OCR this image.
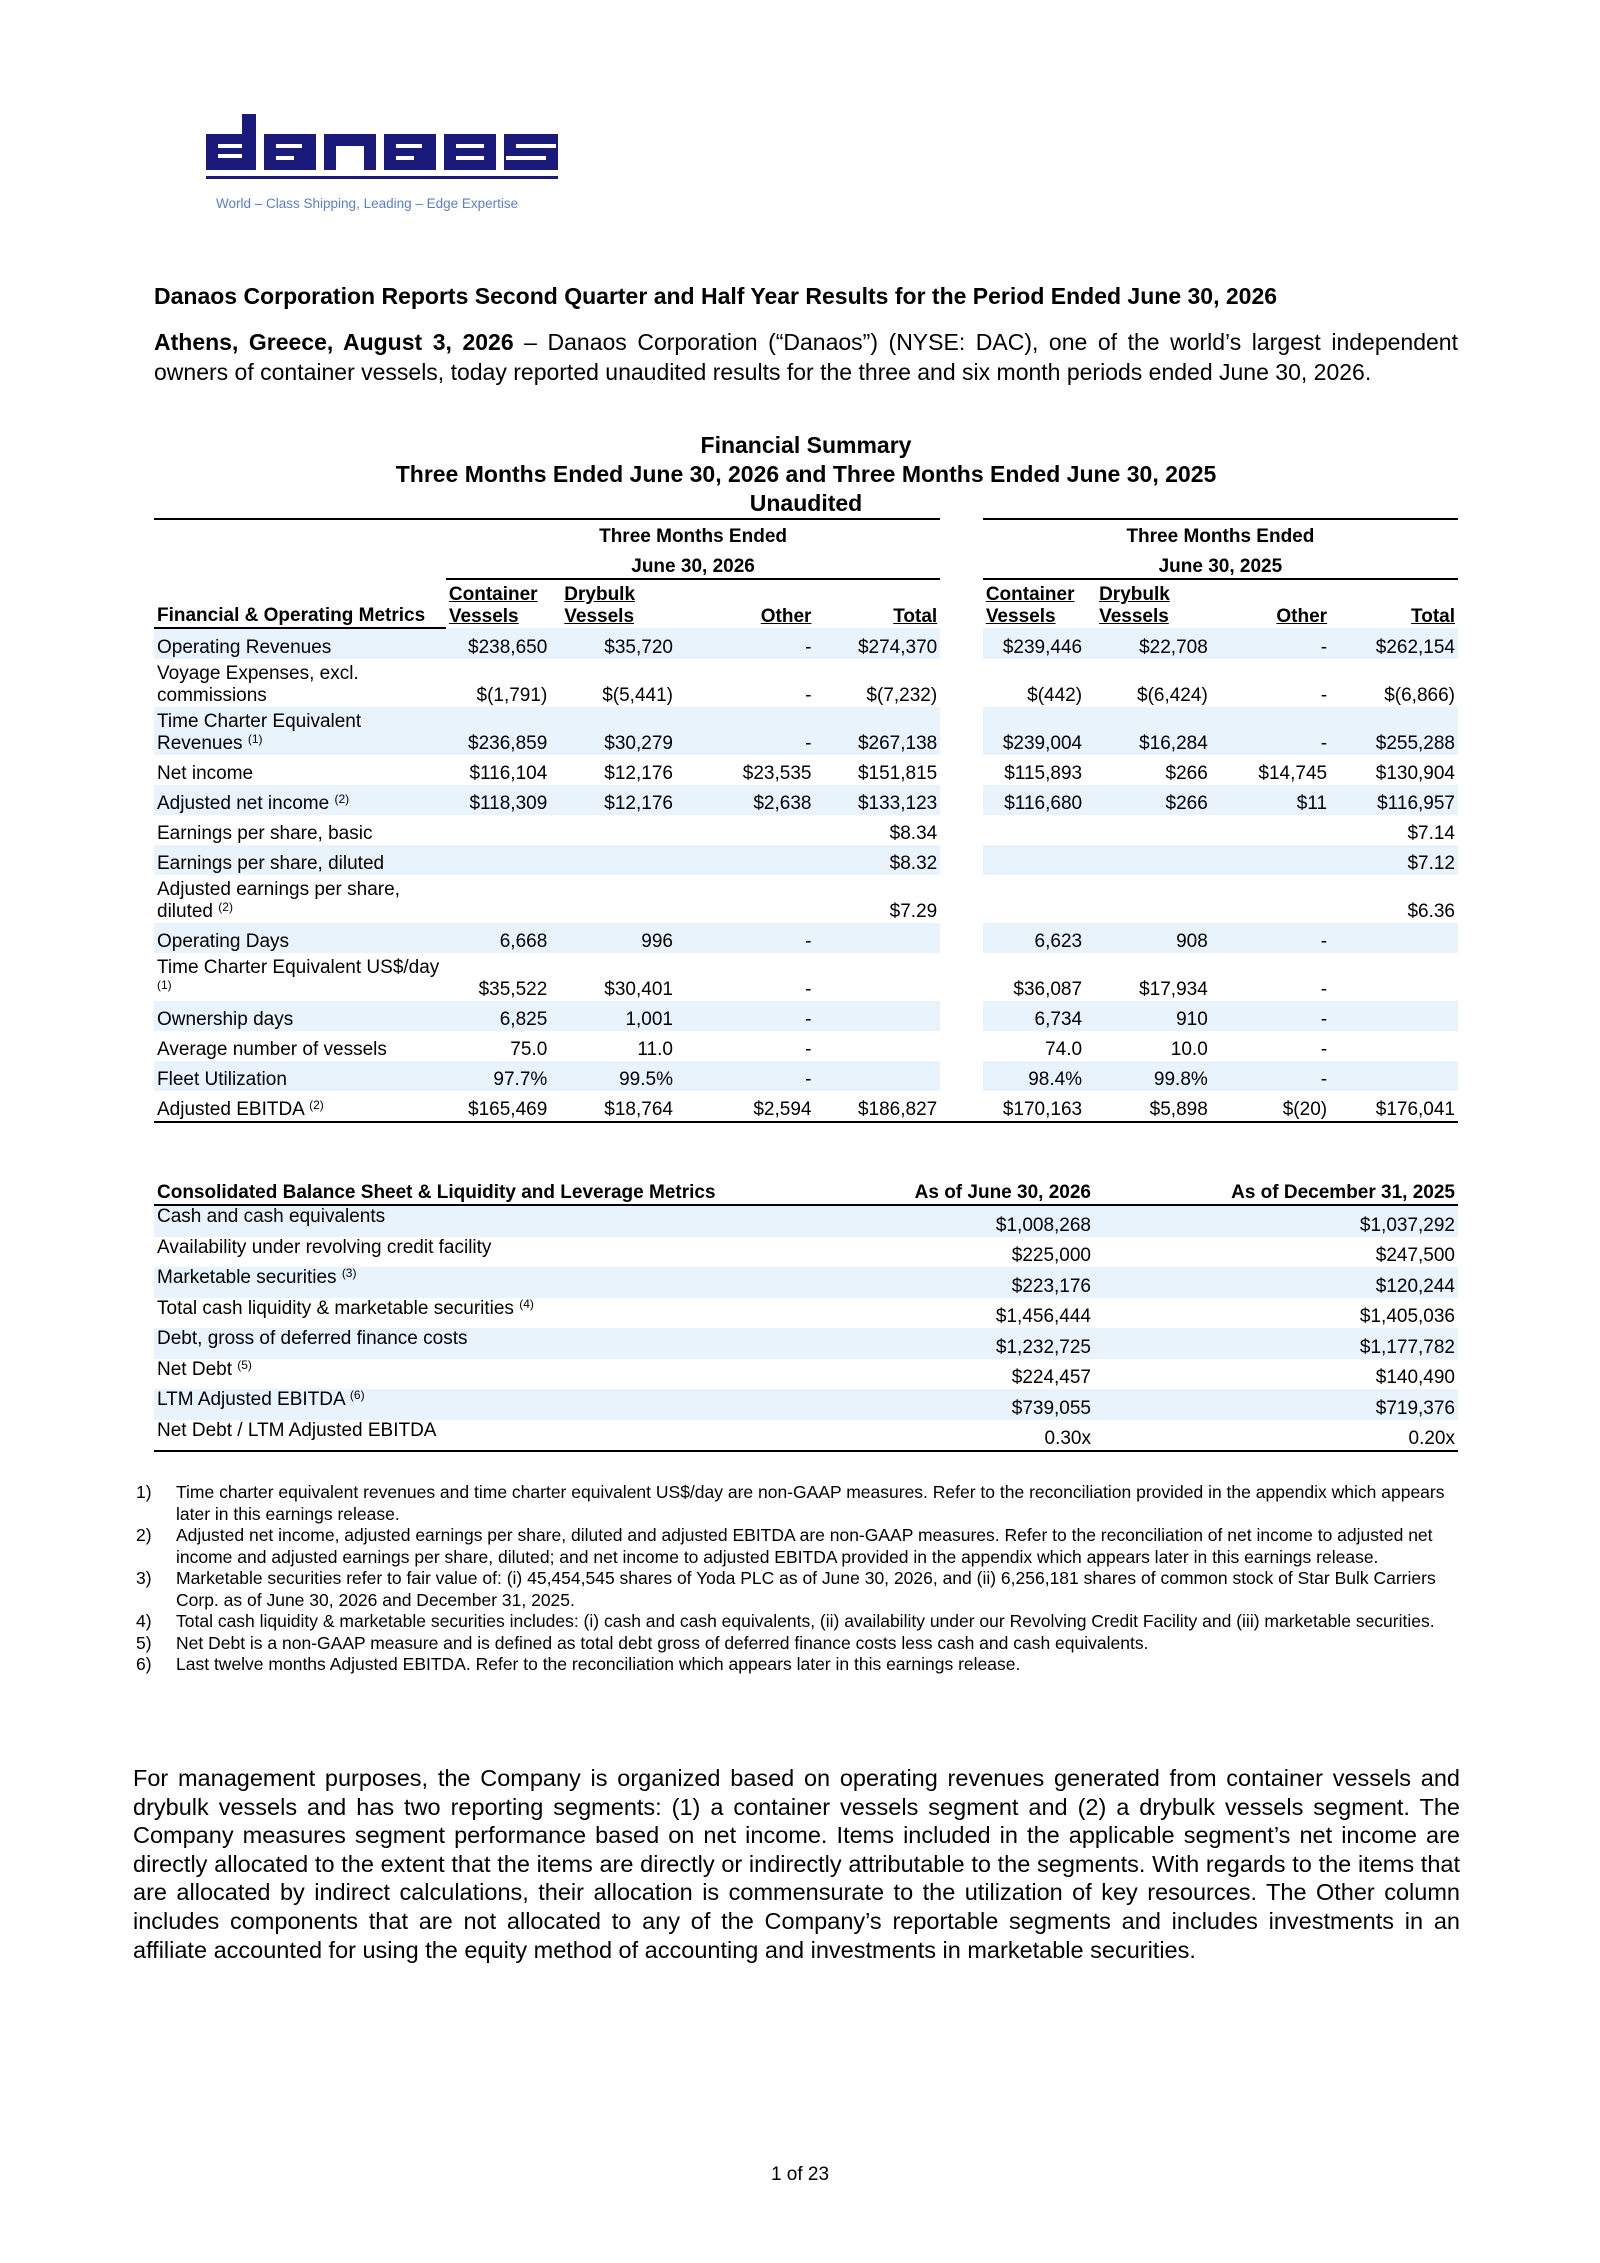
World – Class Shipping, Leading – Edge Expertise
Danaos Corporation Reports Second Quarter and Half Year Results for the Period Ended June 30, 2026
Athens, Greece, August 3, 2026 – Danaos Corporation (“Danaos”) (NYSE: DAC), one of the world’s largest independent owners of container vessels, today reported unaudited results for the three and six month periods ended June 30, 2026.
Financial Summary
Three Months Ended June 30, 2026 and Three Months Ended June 30, 2025
Unaudited
	Three Months Ended					Three Months Ended			
	June 30, 2026					June 30, 2025			
Financial & Operating Metrics	Container Vessels	Drybulk Vessels	Other	Total		Container Vessels	Drybulk Vessels	Other	Total
Operating Revenues	$238,650	$35,720	-	$274,370		$239,446	$22,708	-	$262,154
Voyage Expenses, excl. commissions	$(1,791)	$(5,441)	-	$(7,232)		$(442)	$(6,424)	-	$(6,866)
Time Charter Equivalent Revenues $^{(1)}$	$236,859	$30,279	-	$267,138		$239,004	$16,284	-	$255,288
Net income	$116,104	$12,176	$23,535	$151,815		$115,893	$266	$14,745	$130,904
Adjusted net income $^{(2)}$	$118,309	$12,176	$2,638	$133,123		$116,680	$266	$11	$116,957
Earnings per share, basic				$8.34					$7.14
Earnings per share, diluted				$8.32					$7.12
Adjusted earnings per share, diluted $^{(2)}$				$7.29					$6.36
Operating Days	6,668	996	-			6,623	908	-	
Time Charter Equivalent US$/day $^{(1)}$	$35,522	$30,401	-			$36,087	$17,934	-	
Ownership days	6,825	1,001	-			6,734	910	-	
Average number of vessels	75.0	11.0	-			74.0	10.0	-	
Fleet Utilization	97.7%	99.5%	-			98.4%	99.8%	-	
Adjusted EBITDA $^{(2)}$	$165,469	$18,764	$2,594	$186,827		$170,163	$5,898	$(20)	$176,041
Consolidated Balance Sheet & Liquidity and Leverage Metrics	As of June 30, 2026	As of December 31, 2025
Cash and cash equivalents	$1,008,268	$1,037,292
Availability under revolving credit facility	$225,000	$247,500
Marketable securities $^{(3)}$	$223,176	$120,244
Total cash liquidity & marketable securities $^{(4)}$	$1,456,444	$1,405,036
Debt, gross of deferred finance costs	$1,232,725	$1,177,782
Net Debt $^{(5)}$	$224,457	$140,490
LTM Adjusted EBITDA $^{(6)}$	$739,055	$719,376
Net Debt / LTM Adjusted EBITDA	0.30x	0.20x
1) Time charter equivalent revenues and time charter equivalent US$/day are non-GAAP measures. Refer to the reconciliation provided in the appendix which appears later in this earnings release.
2) Adjusted net income, adjusted earnings per share, diluted and adjusted EBITDA are non-GAAP measures. Refer to the reconciliation of net income to adjusted net income and adjusted earnings per share, diluted; and net income to adjusted EBITDA provided in the appendix which appears later in this earnings release.
3) Marketable securities refer to fair value of: (i) 45,454,545 shares of Yoda PLC as of June 30, 2026, and (ii) 6,256,181 shares of common stock of Star Bulk Carriers Corp. as of June 30, 2026 and December 31, 2025.
4) Total cash liquidity & marketable securities includes: (i) cash and cash equivalents, (ii) availability under our Revolving Credit Facility and (iii) marketable securities.
5) Net Debt is a non-GAAP measure and is defined as total debt gross of deferred finance costs less cash and cash equivalents.
6) Last twelve months Adjusted EBITDA. Refer to the reconciliation which appears later in this earnings release.

For management purposes, the Company is organized based on operating revenues generated from container vessels and drybulk vessels and has two reporting segments: (1) a container vessels segment and (2) a drybulk vessels segment. The Company measures segment performance based on net income. Items included in the applicable segment’s net income are directly allocated to the extent that the items are directly or indirectly attributable to the segments. With regards to the items that are allocated by indirect calculations, their allocation is commensurate to the utilization of key resources. The Other column includes components that are not allocated to any of the Company’s reportable segments and includes investments in an affiliate accounted for using the equity method of accounting and investments in marketable securities.

1 of 23
